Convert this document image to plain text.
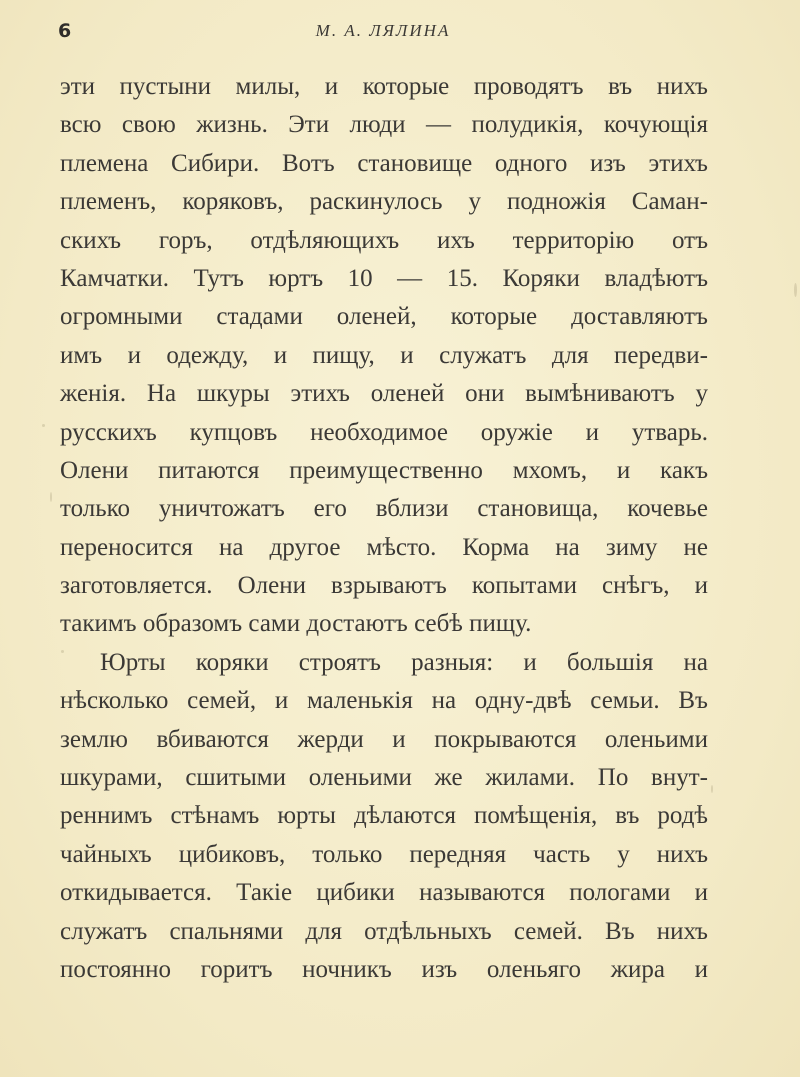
6	М. А. ЛЯЛИНА
эти пустыни милы, и которые проводятъ въ нихъ
всю свою жизнь. Эти люди — полудикія, кочующія
племена Сибири. Вотъ становище одного изъ этихъ
племенъ, коряковъ, раскинулось у подножія Саман-
скихъ горъ, отдѣляющихъ ихъ территорію отъ
Камчатки. Тутъ юртъ 10 — 15. Коряки владѣютъ
огромными стадами оленей, которые доставляютъ
имъ и одежду, и пищу, и служатъ для передви-
женія. На шкуры этихъ оленей они вымѣниваютъ у
русскихъ купцовъ необходимое оружіе и утварь.
Олени питаются преимущественно мхомъ, и какъ
только уничтожатъ его вблизи становища, кочевье
переносится на другое мѣсто. Корма на зиму не
заготовляется. Олени взрываютъ копытами снѣгъ, и
такимъ образомъ сами достаютъ себѣ пищу.
Юрты коряки строятъ разныя: и большія на
нѣсколько семей, и маленькія на одну-двѣ семьи. Въ
землю вбиваются жерди и покрываются оленьими
шкурами, сшитыми оленьими же жилами. По внут-
реннимъ стѣнамъ юрты дѣлаются помѣщенія, въ родѣ
чайныхъ цибиковъ, только передняя часть у нихъ
откидывается. Такіе цибики называются пологами и
служатъ спальнями для отдѣльныхъ семей. Въ нихъ
постоянно горитъ ночникъ изъ оленьяго жира и
